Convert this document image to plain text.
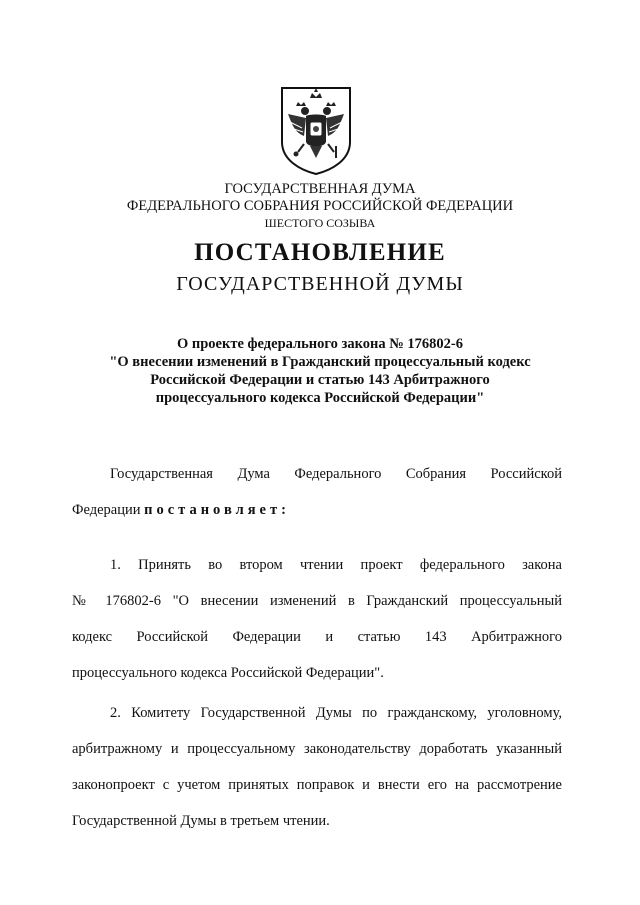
ГОСУДАРСТВЕННАЯ ДУМА
ФЕДЕРАЛЬНОГО СОБРАНИЯ РОССИЙСКОЙ ФЕДЕРАЦИИ
ШЕСТОГО СОЗЫВА
ПОСТАНОВЛЕНИЕ
ГОСУДАРСТВЕННОЙ ДУМЫ
О проекте федерального закона № 176802-6
"О внесении изменений в Гражданский процессуальный кодекс
Российской Федерации и статью 143 Арбитражного
процессуального кодекса Российской Федерации"
Государственная Дума Федерального Собрания Российской
Федерации постановляет:
1. Принять во втором чтении проект федерального закона
№ 176802-6 "О внесении изменений в Гражданский процессуальный
кодекс Российской Федерации и статью 143 Арбитражного
процессуального кодекса Российской Федерации".
2. Комитету Государственной Думы по гражданскому, уголовному,
арбитражному и процессуальному законодательству доработать указанный
законопроект с учетом принятых поправок и внести его на рассмотрение
Государственной Думы в третьем чтении.
